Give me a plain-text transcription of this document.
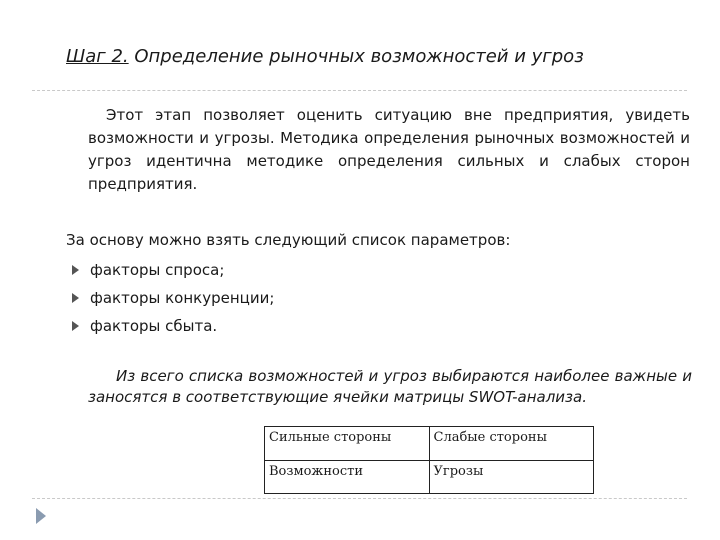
Шаг 2. Определение рыночных возможностей и угроз
Этот этап позволяет оценить ситуацию вне предприятия, увидеть возможности и угрозы. Методика определения рыночных возможностей и угроз идентична методике определения сильных и слабых сторон предприятия.
За основу можно взять следующий список параметров:
факторы спроса;
факторы конкуренции;
факторы сбыта.
Из всего списка возможностей и угроз выбираются наиболее важные и заносятся в соответствующие ячейки матрицы SWOT-анализа.
Сильные стороны	Слабые стороны
Возможности	Угрозы
